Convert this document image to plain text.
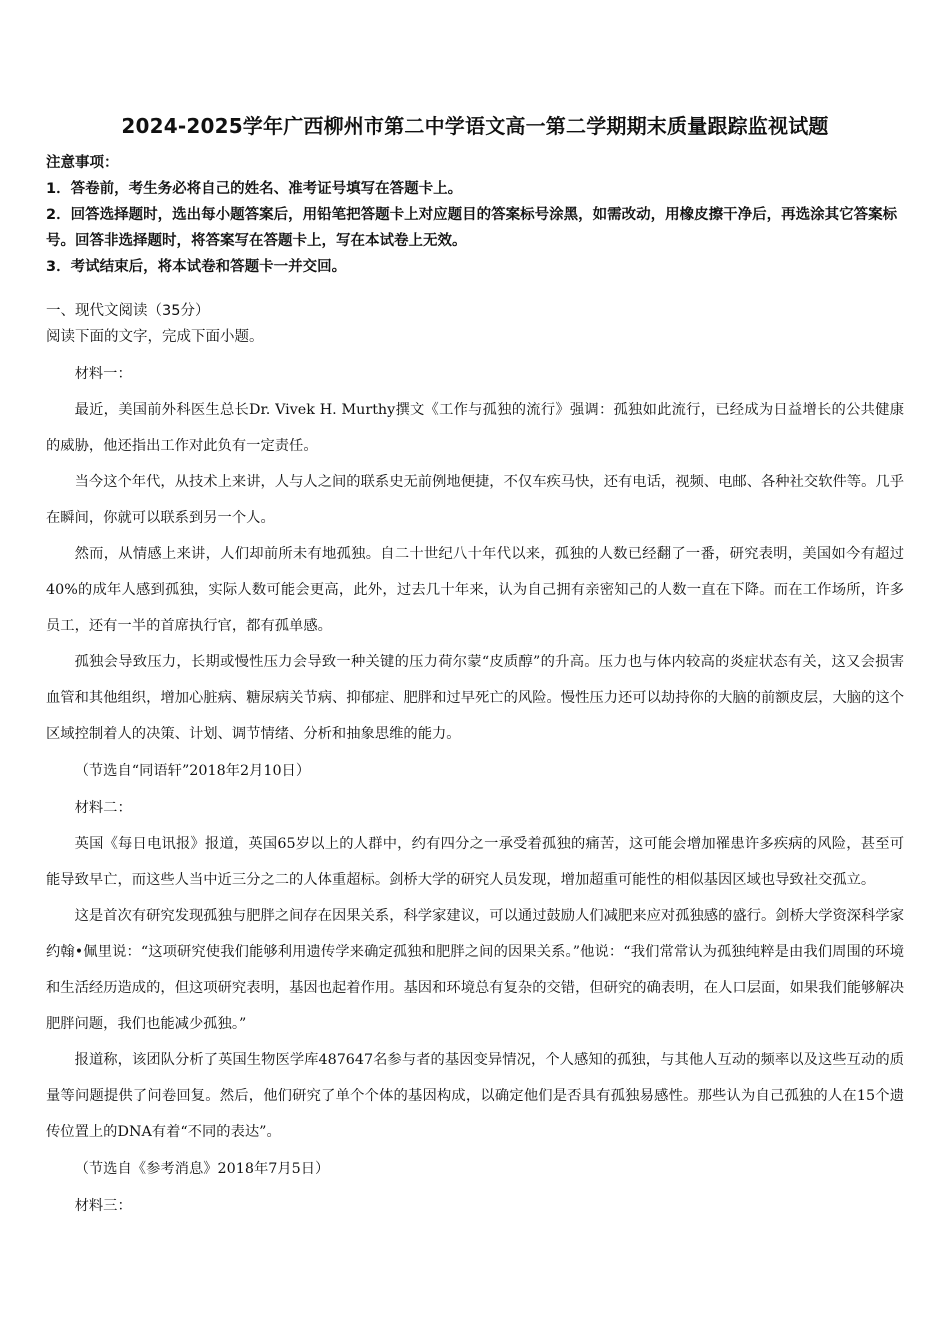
2024-2025学年广西柳州市第二中学语文高一第二学期期末质量跟踪监视试题

注意事项：

1．答卷前，考生务必将自己的姓名、准考证号填写在答题卡上。

2．回答选择题时，选出每小题答案后，用铅笔把答题卡上对应题目的答案标号涂黑，如需改动，用橡皮擦干净后，再选涂其它答案标号。回答非选择题时，将答案写在答题卡上，写在本试卷上无效。

3．考试结束后，将本试卷和答题卡一并交回。

一、现代文阅读（35分）

阅读下面的文字，完成下面小题。

材料一：

最近，美国前外科医生总长Dr. Vivek H. Murthy撰文《工作与孤独的流行》强调：孤独如此流行，已经成为日益增长的公共健康的威胁，他还指出工作对此负有一定责任。

当今这个年代，从技术上来讲，人与人之间的联系史无前例地便捷，不仅车疾马快，还有电话，视频、电邮、各种社交软件等。几乎在瞬间，你就可以联系到另一个人。

然而，从情感上来讲，人们却前所未有地孤独。自二十世纪八十年代以来，孤独的人数已经翻了一番，研究表明，美国如今有超过40%的成年人感到孤独，实际人数可能会更高，此外，过去几十年来，认为自己拥有亲密知己的人数一直在下降。而在工作场所，许多员工，还有一半的首席执行官，都有孤单感。

孤独会导致压力，长期或慢性压力会导致一种关键的压力荷尔蒙“皮质醇”的升高。压力也与体内较高的炎症状态有关，这又会损害血管和其他组织，增加心脏病、糖尿病关节病、抑郁症、肥胖和过早死亡的风险。慢性压力还可以劫持你的大脑的前额皮层，大脑的这个区域控制着人的决策、计划、调节情绪、分析和抽象思维的能力。

（节选自“同语轩”2018年2月10日）

材料二：

英国《每日电讯报》报道，英国65岁以上的人群中，约有四分之一承受着孤独的痛苦，这可能会增加罹患许多疾病的风险，甚至可能导致早亡，而这些人当中近三分之二的人体重超标。剑桥大学的研究人员发现，增加超重可能性的相似基因区域也导致社交孤立。

这是首次有研究发现孤独与肥胖之间存在因果关系，科学家建议，可以通过鼓励人们减肥来应对孤独感的盛行。剑桥大学资深科学家约翰•佩里说：“这项研究使我们能够利用遗传学来确定孤独和肥胖之间的因果关系。”他说：“我们常常认为孤独纯粹是由我们周围的环境和生活经历造成的，但这项研究表明，基因也起着作用。基因和环境总有复杂的交错，但研究的确表明，在人口层面，如果我们能够解决肥胖问题，我们也能减少孤独。”

报道称，该团队分析了英国生物医学库487647名参与者的基因变异情况，个人感知的孤独，与其他人互动的频率以及这些互动的质量等问题提供了问卷回复。然后，他们研究了单个个体的基因构成，以确定他们是否具有孤独易感性。那些认为自己孤独的人在15个遗传位置上的DNA有着“不同的表达”。

（节选自《参考消息》2018年7月5日）

材料三：
